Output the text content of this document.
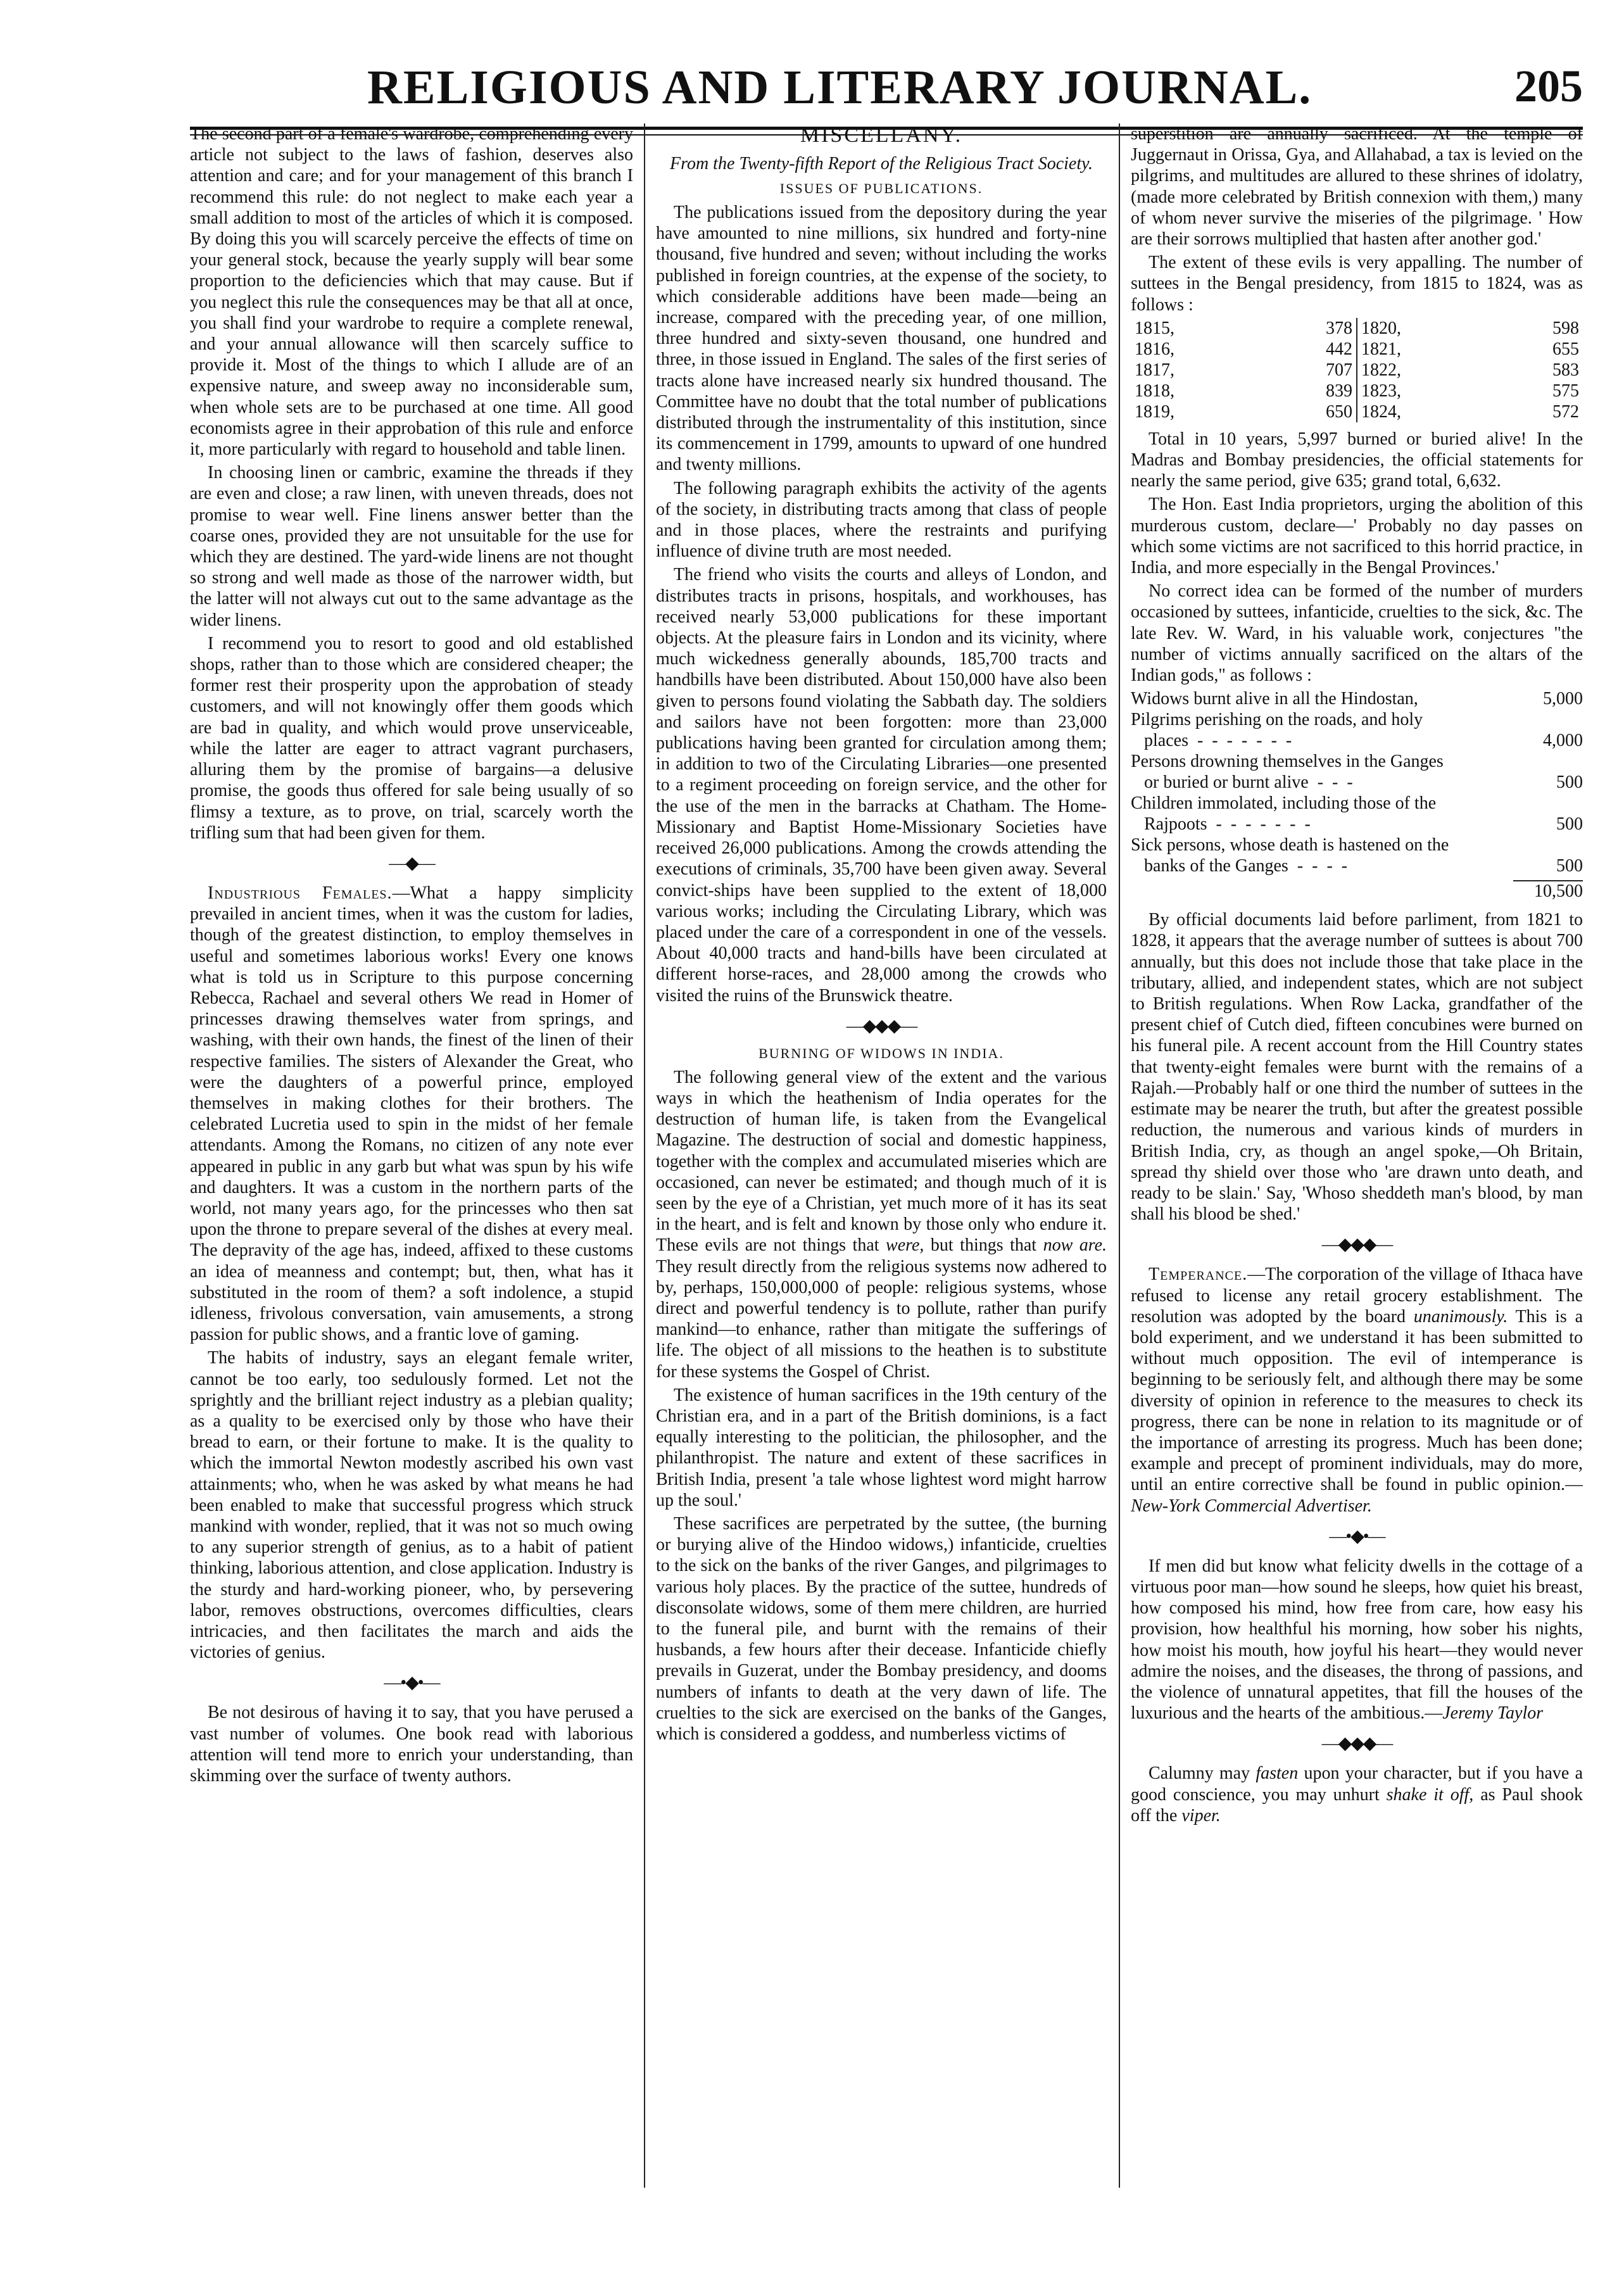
RELIGIOUS AND LITERARY JOURNAL.	205

The second part of a female's wardrobe, comprehending every article not subject to the laws of fashion, deserves also attention and care; and for your management of this branch I recommend this rule: do not neglect to make each year a small addition to most of the articles of which it is composed. By doing this you will scarcely perceive the effects of time on your general stock, because the yearly supply will bear some proportion to the deficiencies which that may cause. But if you neglect this rule the consequences may be that all at once, you shall find your wardrobe to require a complete renewal, and your annual allowance will then scarcely suffice to provide it. Most of the things to which I allude are of an expensive nature, and sweep away no inconsiderable sum, when whole sets are to be purchased at one time. All good economists agree in their approbation of this rule and enforce it, more particularly with regard to household and table linen.

In choosing linen or cambric, examine the threads if they are even and close; a raw linen, with uneven threads, does not promise to wear well. Fine linens answer better than the coarse ones, provided they are not unsuitable for the use for which they are destined. The yard-wide linens are not thought so strong and well made as those of the narrower width, but the latter will not always cut out to the same advantage as the wider linens.

I recommend you to resort to good and old established shops, rather than to those which are considered cheaper; the former rest their prosperity upon the approbation of steady customers, and will not knowingly offer them goods which are bad in quality, and which would prove unserviceable, while the latter are eager to attract vagrant purchasers, alluring them by the promise of bargains—a delusive promise, the goods thus offered for sale being usually of so flimsy a texture, as to prove, on trial, scarcely worth the trifling sum that had been given for them.

—◆—

Industrious Females.—What a happy simplicity prevailed in ancient times, when it was the custom for ladies, though of the greatest distinction, to employ themselves in useful and sometimes laborious works! Every one knows what is told us in Scripture to this purpose concerning Rebecca, Rachael and several others We read in Homer of princesses drawing themselves water from springs, and washing, with their own hands, the finest of the linen of their respective families. The sisters of Alexander the Great, who were the daughters of a powerful prince, employed themselves in making clothes for their brothers. The celebrated Lucretia used to spin in the midst of her female attendants. Among the Romans, no citizen of any note ever appeared in public in any garb but what was spun by his wife and daughters. It was a custom in the northern parts of the world, not many years ago, for the princesses who then sat upon the throne to prepare several of the dishes at every meal. The depravity of the age has, indeed, affixed to these customs an idea of meanness and contempt; but, then, what has it substituted in the room of them? a soft indolence, a stupid idleness, frivolous conversation, vain amusements, a strong passion for public shows, and a frantic love of gaming.

The habits of industry, says an elegant female writer, cannot be too early, too sedulously formed. Let not the sprightly and the brilliant reject industry as a plebian quality; as a quality to be exercised only by those who have their bread to earn, or their fortune to make. It is the quality to which the immortal Newton modestly ascribed his own vast attainments; who, when he was asked by what means he had been enabled to make that successful progress which struck mankind with wonder, replied, that it was not so much owing to any superior strength of genius, as to a habit of patient thinking, laborious attention, and close application. Industry is the sturdy and hard-working pioneer, who, by persevering labor, removes obstructions, overcomes difficulties, clears intricacies, and then facilitates the march and aids the victories of genius.

—•◆•—

Be not desirous of having it to say, that you have perused a vast number of volumes. One book read with laborious attention will tend more to enrich your understanding, than skimming over the surface of twenty authors.

MISCELLANY.
From the Twenty-fifth Report of the Religious Tract Society.
ISSUES OF PUBLICATIONS.

The publications issued from the depository during the year have amounted to nine millions, six hundred and forty-nine thousand, five hundred and seven; without including the works published in foreign countries, at the expense of the society, to which considerable additions have been made—being an increase, compared with the preceding year, of one million, three hundred and sixty-seven thousand, one hundred and three, in those issued in England. The sales of the first series of tracts alone have increased nearly six hundred thousand. The Committee have no doubt that the total number of publications distributed through the instrumentality of this institution, since its commencement in 1799, amounts to upward of one hundred and twenty millions.

The following paragraph exhibits the activity of the agents of the society, in distributing tracts among that class of people and in those places, where the restraints and purifying influence of divine truth are most needed.

The friend who visits the courts and alleys of London, and distributes tracts in prisons, hospitals, and workhouses, has received nearly 53,000 publications for these important objects. At the pleasure fairs in London and its vicinity, where much wickedness generally abounds, 185,700 tracts and handbills have been distributed. About 150,000 have also been given to persons found violating the Sabbath day. The soldiers and sailors have not been forgotten: more than 23,000 publications having been granted for circulation among them; in addition to two of the Circulating Libraries—one presented to a regiment proceeding on foreign service, and the other for the use of the men in the barracks at Chatham. The Home-Missionary and Baptist Home-Missionary Societies have received 26,000 publications. Among the crowds attending the executions of criminals, 35,700 have been given away. Several convict-ships have been supplied to the extent of 18,000 various works; including the Circulating Library, which was placed under the care of a correspondent in one of the vessels. About 40,000 tracts and hand-bills have been circulated at different horse-races, and 28,000 among the crowds who visited the ruins of the Brunswick theatre.

—◆◆◆—
BURNING OF WIDOWS IN INDIA.

The following general view of the extent and the various ways in which the heathenism of India operates for the destruction of human life, is taken from the Evangelical Magazine. The destruction of social and domestic happiness, together with the complex and accumulated miseries which are occasioned, can never be estimated; and though much of it is seen by the eye of a Christian, yet much more of it has its seat in the heart, and is felt and known by those only who endure it. These evils are not things that were, but things that now are. They result directly from the religious systems now adhered to by, perhaps, 150,000,000 of people: religious systems, whose direct and powerful tendency is to pollute, rather than purify mankind—to enhance, rather than mitigate the sufferings of life. The object of all missions to the heathen is to substitute for these systems the Gospel of Christ.

The existence of human sacrifices in the 19th century of the Christian era, and in a part of the British dominions, is a fact equally interesting to the politician, the philosopher, and the philanthropist. The nature and extent of these sacrifices in British India, present 'a tale whose lightest word might harrow up the soul.'

These sacrifices are perpetrated by the suttee, (the burning or burying alive of the Hindoo widows,) infanticide, cruelties to the sick on the banks of the river Ganges, and pilgrimages to various holy places. By the practice of the suttee, hundreds of disconsolate widows, some of them mere children, are hurried to the funeral pile, and burnt with the remains of their husbands, a few hours after their decease. Infanticide chiefly prevails in Guzerat, under the Bombay presidency, and dooms numbers of infants to death at the very dawn of life. The cruelties to the sick are exercised on the banks of the Ganges, which is considered a goddess, and numberless victims of

superstition are annually sacrificed. At the temple of Juggernaut in Orissa, Gya, and Allahabad, a tax is levied on the pilgrims, and multitudes are allured to these shrines of idolatry, (made more celebrated by British connexion with them,) many of whom never survive the miseries of the pilgrimage. ' How are their sorrows multiplied that hasten after another god.'

The extent of these evils is very appalling. The number of suttees in the Bengal presidency, from 1815 to 1824, was as follows :

1815,	378	1820,	598
1816,	442	1821,	655
1817,	707	1822,	583
1818,	839	1823,	575
1819,	650	1824,	572

Total in 10 years, 5,997 burned or buried alive! In the Madras and Bombay presidencies, the official statements for nearly the same period, give 635; grand total, 6,632.

The Hon. East India proprietors, urging the abolition of this murderous custom, declare—' Probably no day passes on which some victims are not sacrificed to this horrid practice, in India, and more especially in the Bengal Provinces.'

No correct idea can be formed of the number of murders occasioned by suttees, infanticide, cruelties to the sick, &c. The late Rev. W. Ward, in his valuable work, conjectures "the number of victims annually sacrificed on the altars of the Indian gods," as follows :

Widows burnt alive in all the Hindostan,	5,000
Pilgrims perishing on the roads, and holy	
places  -  -  -  -  -  -  -	4,000
Persons drowning themselves in the Ganges	
or buried or burnt alive  -  -  -	500
Children immolated, including those of the	
Rajpoots  -  -  -  -  -  -  -	500
Sick persons, whose death is hastened on the	
banks of the Ganges  -  -  -  -	500
10,500

By official documents laid before parliment, from 1821 to 1828, it appears that the average number of suttees is about 700 annually, but this does not include those that take place in the tributary, allied, and independent states, which are not subject to British regulations. When Row Lacka, grandfather of the present chief of Cutch died, fifteen concubines were burned on his funeral pile. A recent account from the Hill Country states that twenty-eight females were burnt with the remains of a Rajah.—Probably half or one third the number of suttees in the estimate may be nearer the truth, but after the greatest possible reduction, the numerous and various kinds of murders in British India, cry, as though an angel spoke,—Oh Britain, spread thy shield over those who 'are drawn unto death, and ready to be slain.' Say, 'Whoso sheddeth man's blood, by man shall his blood be shed.'

—◆◆◆—

Temperance.—The corporation of the village of Ithaca have refused to license any retail grocery establishment. The resolution was adopted by the board unanimously. This is a bold experiment, and we understand it has been submitted to without much opposition. The evil of intemperance is beginning to be seriously felt, and although there may be some diversity of opinion in reference to the measures to check its progress, there can be none in relation to its magnitude or of the importance of arresting its progress. Much has been done; example and precept of prominent individuals, may do more, until an entire corrective shall be found in public opinion.—New-York Commercial Advertiser.

—•◆•—

If men did but know what felicity dwells in the cottage of a virtuous poor man—how sound he sleeps, how quiet his breast, how composed his mind, how free from care, how easy his provision, how healthful his morning, how sober his nights, how moist his mouth, how joyful his heart—they would never admire the noises, and the diseases, the throng of passions, and the violence of unnatural appetites, that fill the houses of the luxurious and the hearts of the ambitious.—Jeremy Taylor

—◆◆◆—

Calumny may fasten upon your character, but if you have a good conscience, you may unhurt shake it off, as Paul shook off the viper.
